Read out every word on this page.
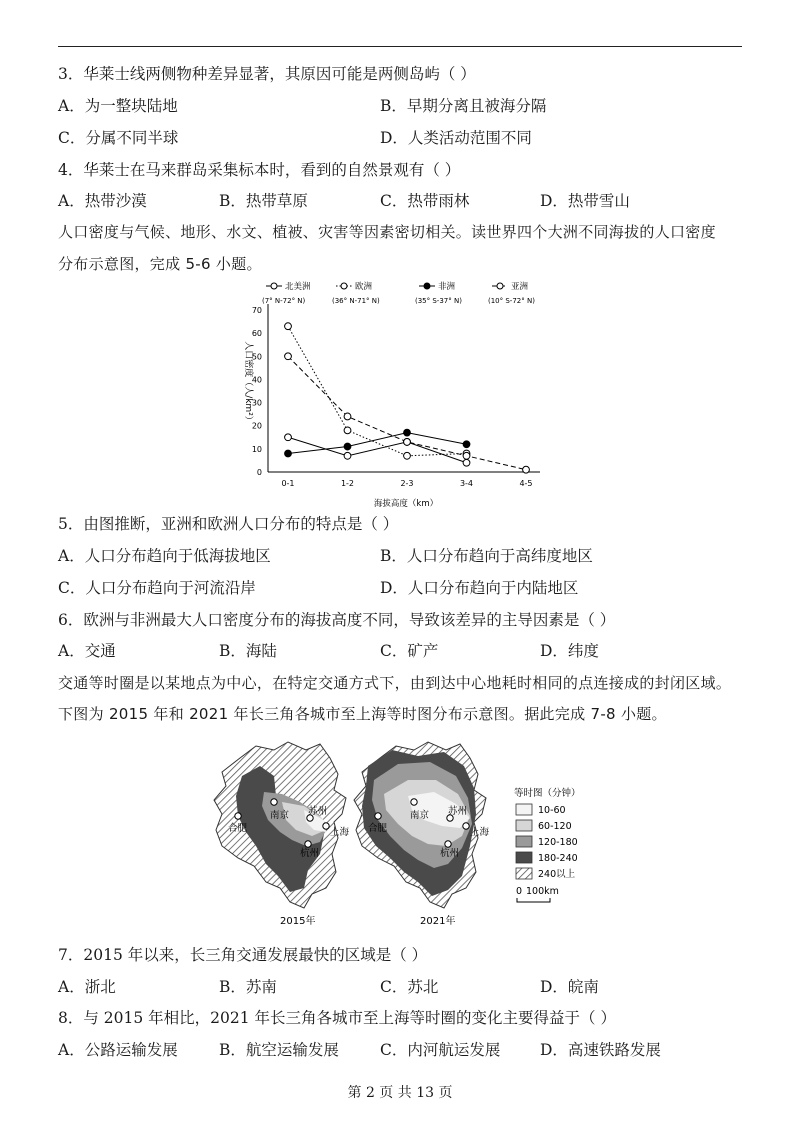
3．华莱士线两侧物种差异显著，其原因可能是两侧岛屿（ ）
A．为一整块陆地	B．早期分离且被海分隔
C．分属不同半球	D．人类活动范围不同
4．华莱士在马来群岛采集标本时，看到的自然景观有（ ）
A．热带沙漠	B．热带草原	C．热带雨林	D．热带雪山
人口密度与气候、地形、水文、植被、灾害等因素密切相关。读世界四个大洲不同海拔的人口密度
分布示意图，完成 5-6 小题。
北美洲
(7° N-72° N)
欧洲
(36° N-71° N)
非洲
(35° S-37° N)
亚洲
(10° S-72° N)
0
10
20
30
40
50
60
70
0-1	1-2	2-3	3-4	4-5
海拔高度（km）
人口密度（人/km²）
5．由图推断，亚洲和欧洲人口分布的特点是（ ）
A．人口分布趋向于低海拔地区	B．人口分布趋向于高纬度地区
C．人口分布趋向于河流沿岸	D．人口分布趋向于内陆地区
6．欧洲与非洲最大人口密度分布的海拔高度不同，导致该差异的主导因素是（ ）
A．交通	B．海陆	C．矿产	D．纬度
交通等时圈是以某地点为中心，在特定交通方式下，由到达中心地耗时相同的点连接成的封闭区域。
下图为 2015 年和 2021 年长三角各城市至上海等时图分布示意图。据此完成 7-8 小题。
合肥
南京 苏州
上海
杭州
2015年
合肥
南京 苏州
上海
杭州
2021年
等时图（分钟）
10-60
60-120
120-180
180-240
240以上
0 100km
7．2015 年以来，长三角交通发展最快的区域是（ ）
A．浙北	B．苏南	C．苏北	D．皖南
8．与 2015 年相比，2021 年长三角各城市至上海等时圈的变化主要得益于（ ）
A．公路运输发展	B．航空运输发展	C．内河航运发展	D．高速铁路发展
第 2 页 共 13 页
